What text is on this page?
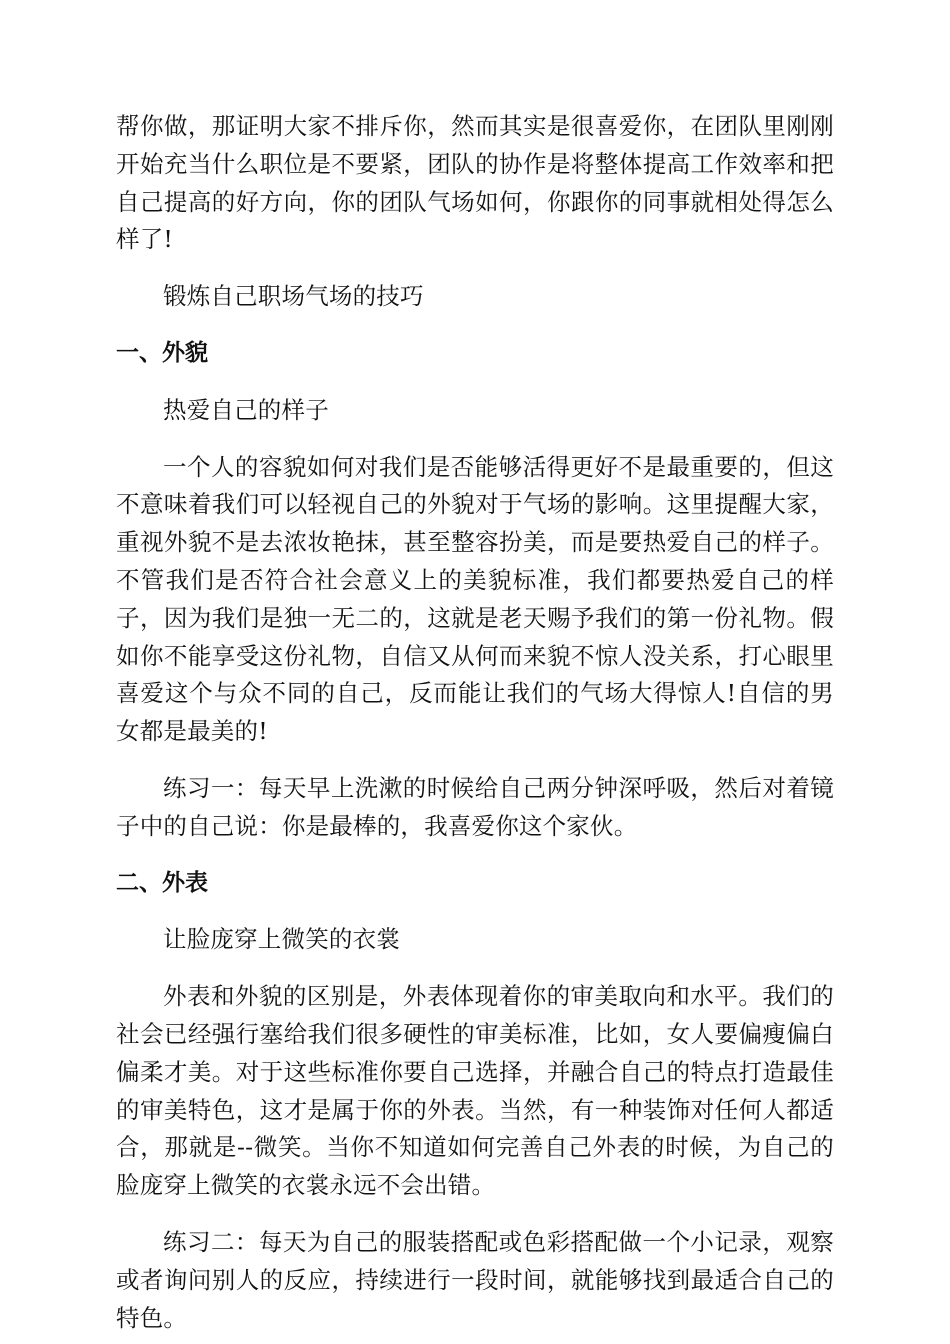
帮你做，那证明大家不排斥你，然而其实是很喜爱你，在团队里刚刚开始充当什么职位是不要紧，团队的协作是将整体提高工作效率和把自己提高的好方向，你的团队气场如何，你跟你的同事就相处得怎么样了!

锻炼自己职场气场的技巧

一、外貌

热爱自己的样子

一个人的容貌如何对我们是否能够活得更好不是最重要的，但这不意味着我们可以轻视自己的外貌对于气场的影响。这里提醒大家，重视外貌不是去浓妆艳抹，甚至整容扮美，而是要热爱自己的样子。不管我们是否符合社会意义上的美貌标准，我们都要热爱自己的样子，因为我们是独一无二的，这就是老天赐予我们的第一份礼物。假如你不能享受这份礼物，自信又从何而来貌不惊人没关系，打心眼里喜爱这个与众不同的自己，反而能让我们的气场大得惊人!自信的男女都是最美的!

练习一：每天早上洗漱的时候给自己两分钟深呼吸，然后对着镜子中的自己说：你是最棒的，我喜爱你这个家伙。

二、外表

让脸庞穿上微笑的衣裳

外表和外貌的区别是，外表体现着你的审美取向和水平。我们的社会已经强行塞给我们很多硬性的审美标准，比如，女人要偏瘦偏白偏柔才美。对于这些标准你要自己选择，并融合自己的特点打造最佳的审美特色，这才是属于你的外表。当然，有一种装饰对任何人都适合，那就是--微笑。当你不知道如何完善自己外表的时候，为自己的脸庞穿上微笑的衣裳永远不会出错。

练习二：每天为自己的服装搭配或色彩搭配做一个小记录，观察或者询问别人的反应，持续进行一段时间，就能够找到最适合自己的特色。
